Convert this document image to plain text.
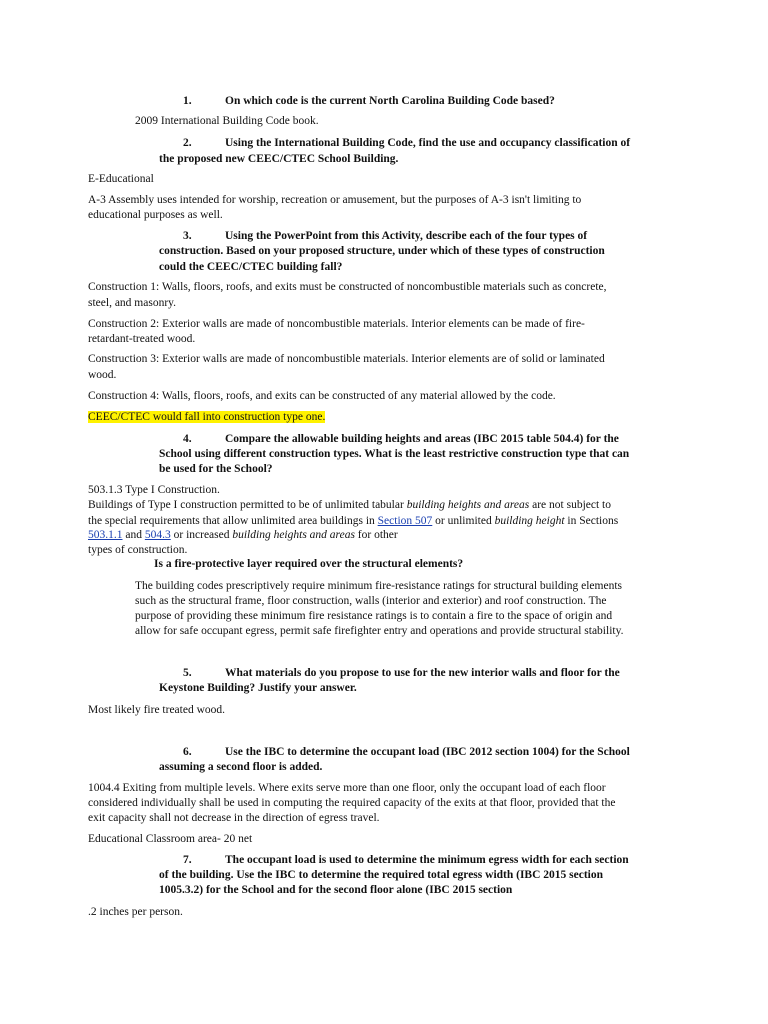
1.	On which code is the current North Carolina Building Code based?
2009 International Building Code book.
2.	Using the International Building Code, find the use and occupancy classification of
the proposed new CEEC/CTEC School Building.
E-Educational
A-3 Assembly uses intended for worship, recreation or amusement, but the purposes of A-3 isn't limiting to
educational purposes as well.
3.	Using the PowerPoint from this Activity, describe each of the four types of
construction. Based on your proposed structure, under which of these types of construction
could the CEEC/CTEC building fall?
Construction 1: Walls, floors, roofs, and exits must be constructed of noncombustible materials such as concrete,
steel, and masonry.
Construction 2: Exterior walls are made of noncombustible materials. Interior elements can be made of fire-
retardant-treated wood.
Construction 3: Exterior walls are made of noncombustible materials. Interior elements are of solid or laminated
wood.
Construction 4: Walls, floors, roofs, and exits can be constructed of any material allowed by the code.
CEEC/CTEC would fall into construction type one.
4.	Compare the allowable building heights and areas (IBC 2015 table 504.4) for the
School using different construction types. What is the least restrictive construction type that can
be used for the School?
503.1.3 Type I Construction.
Buildings of Type I construction permitted to be of unlimited tabular building heights and areas are not subject to
the special requirements that allow unlimited area buildings in Section 507 or unlimited building height in Sections
503.1.1 and 504.3 or increased building heights and areas for other
types of construction.
Is a fire-protective layer required over the structural elements?
The building codes prescriptively require minimum fire-resistance ratings for structural building elements
such as the structural frame, floor construction, walls (interior and exterior) and roof construction. The
purpose of providing these minimum fire resistance ratings is to contain a fire to the space of origin and
allow for safe occupant egress, permit safe firefighter entry and operations and provide structural stability.
5.	What materials do you propose to use for the new interior walls and floor for the
Keystone Building? Justify your answer.
Most likely fire treated wood.
6.	Use the IBC to determine the occupant load (IBC 2012 section 1004) for the School
assuming a second floor is added.
1004.4 Exiting from multiple levels. Where exits serve more than one floor, only the occupant load of each floor
considered individually shall be used in computing the required capacity of the exits at that floor, provided that the
exit capacity shall not decrease in the direction of egress travel.
Educational Classroom area- 20 net
7.	The occupant load is used to determine the minimum egress width for each section
of the building. Use the IBC to determine the required total egress width (IBC 2015 section
1005.3.2) for the School and for the second floor alone (IBC 2015 section
.2 inches per person.
